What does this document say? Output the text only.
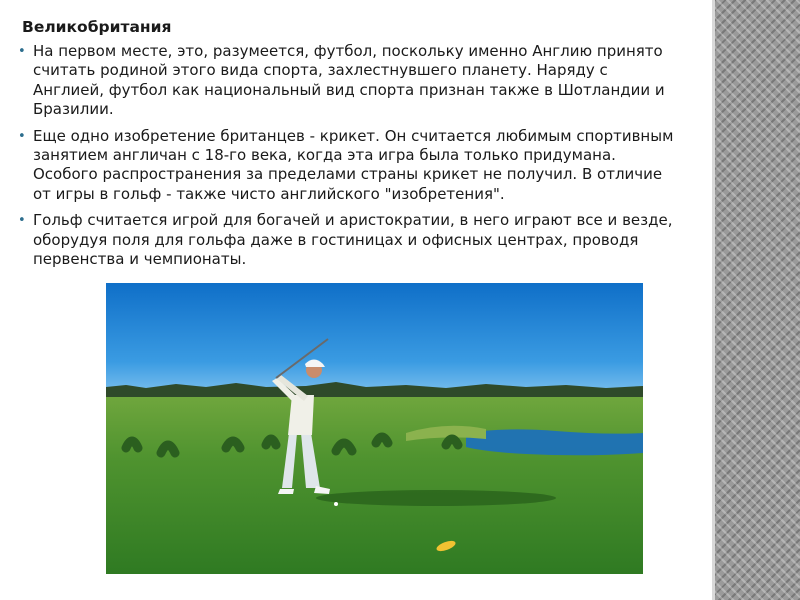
Великобритания

• На первом месте, это, разумеется, футбол, поскольку именно Англию принято считать родиной этого вида спорта, захлестнувшего планету. Наряду с Англией, футбол как национальный вид спорта признан также в Шотландии и Бразилии.
• Еще одно изобретение британцев - крикет. Он считается любимым спортивным занятием англичан с 18-го века, когда эта игра была только придумана. Особого распространения за пределами страны крикет не получил. В отличие от игры в гольф - также чисто английского "изобретения".
• Гольф считается игрой для богачей и аристократии, в него играют все и везде, оборудуя поля для гольфа даже в гостиницах и офисных центрах, проводя первенства и чемпионаты.
